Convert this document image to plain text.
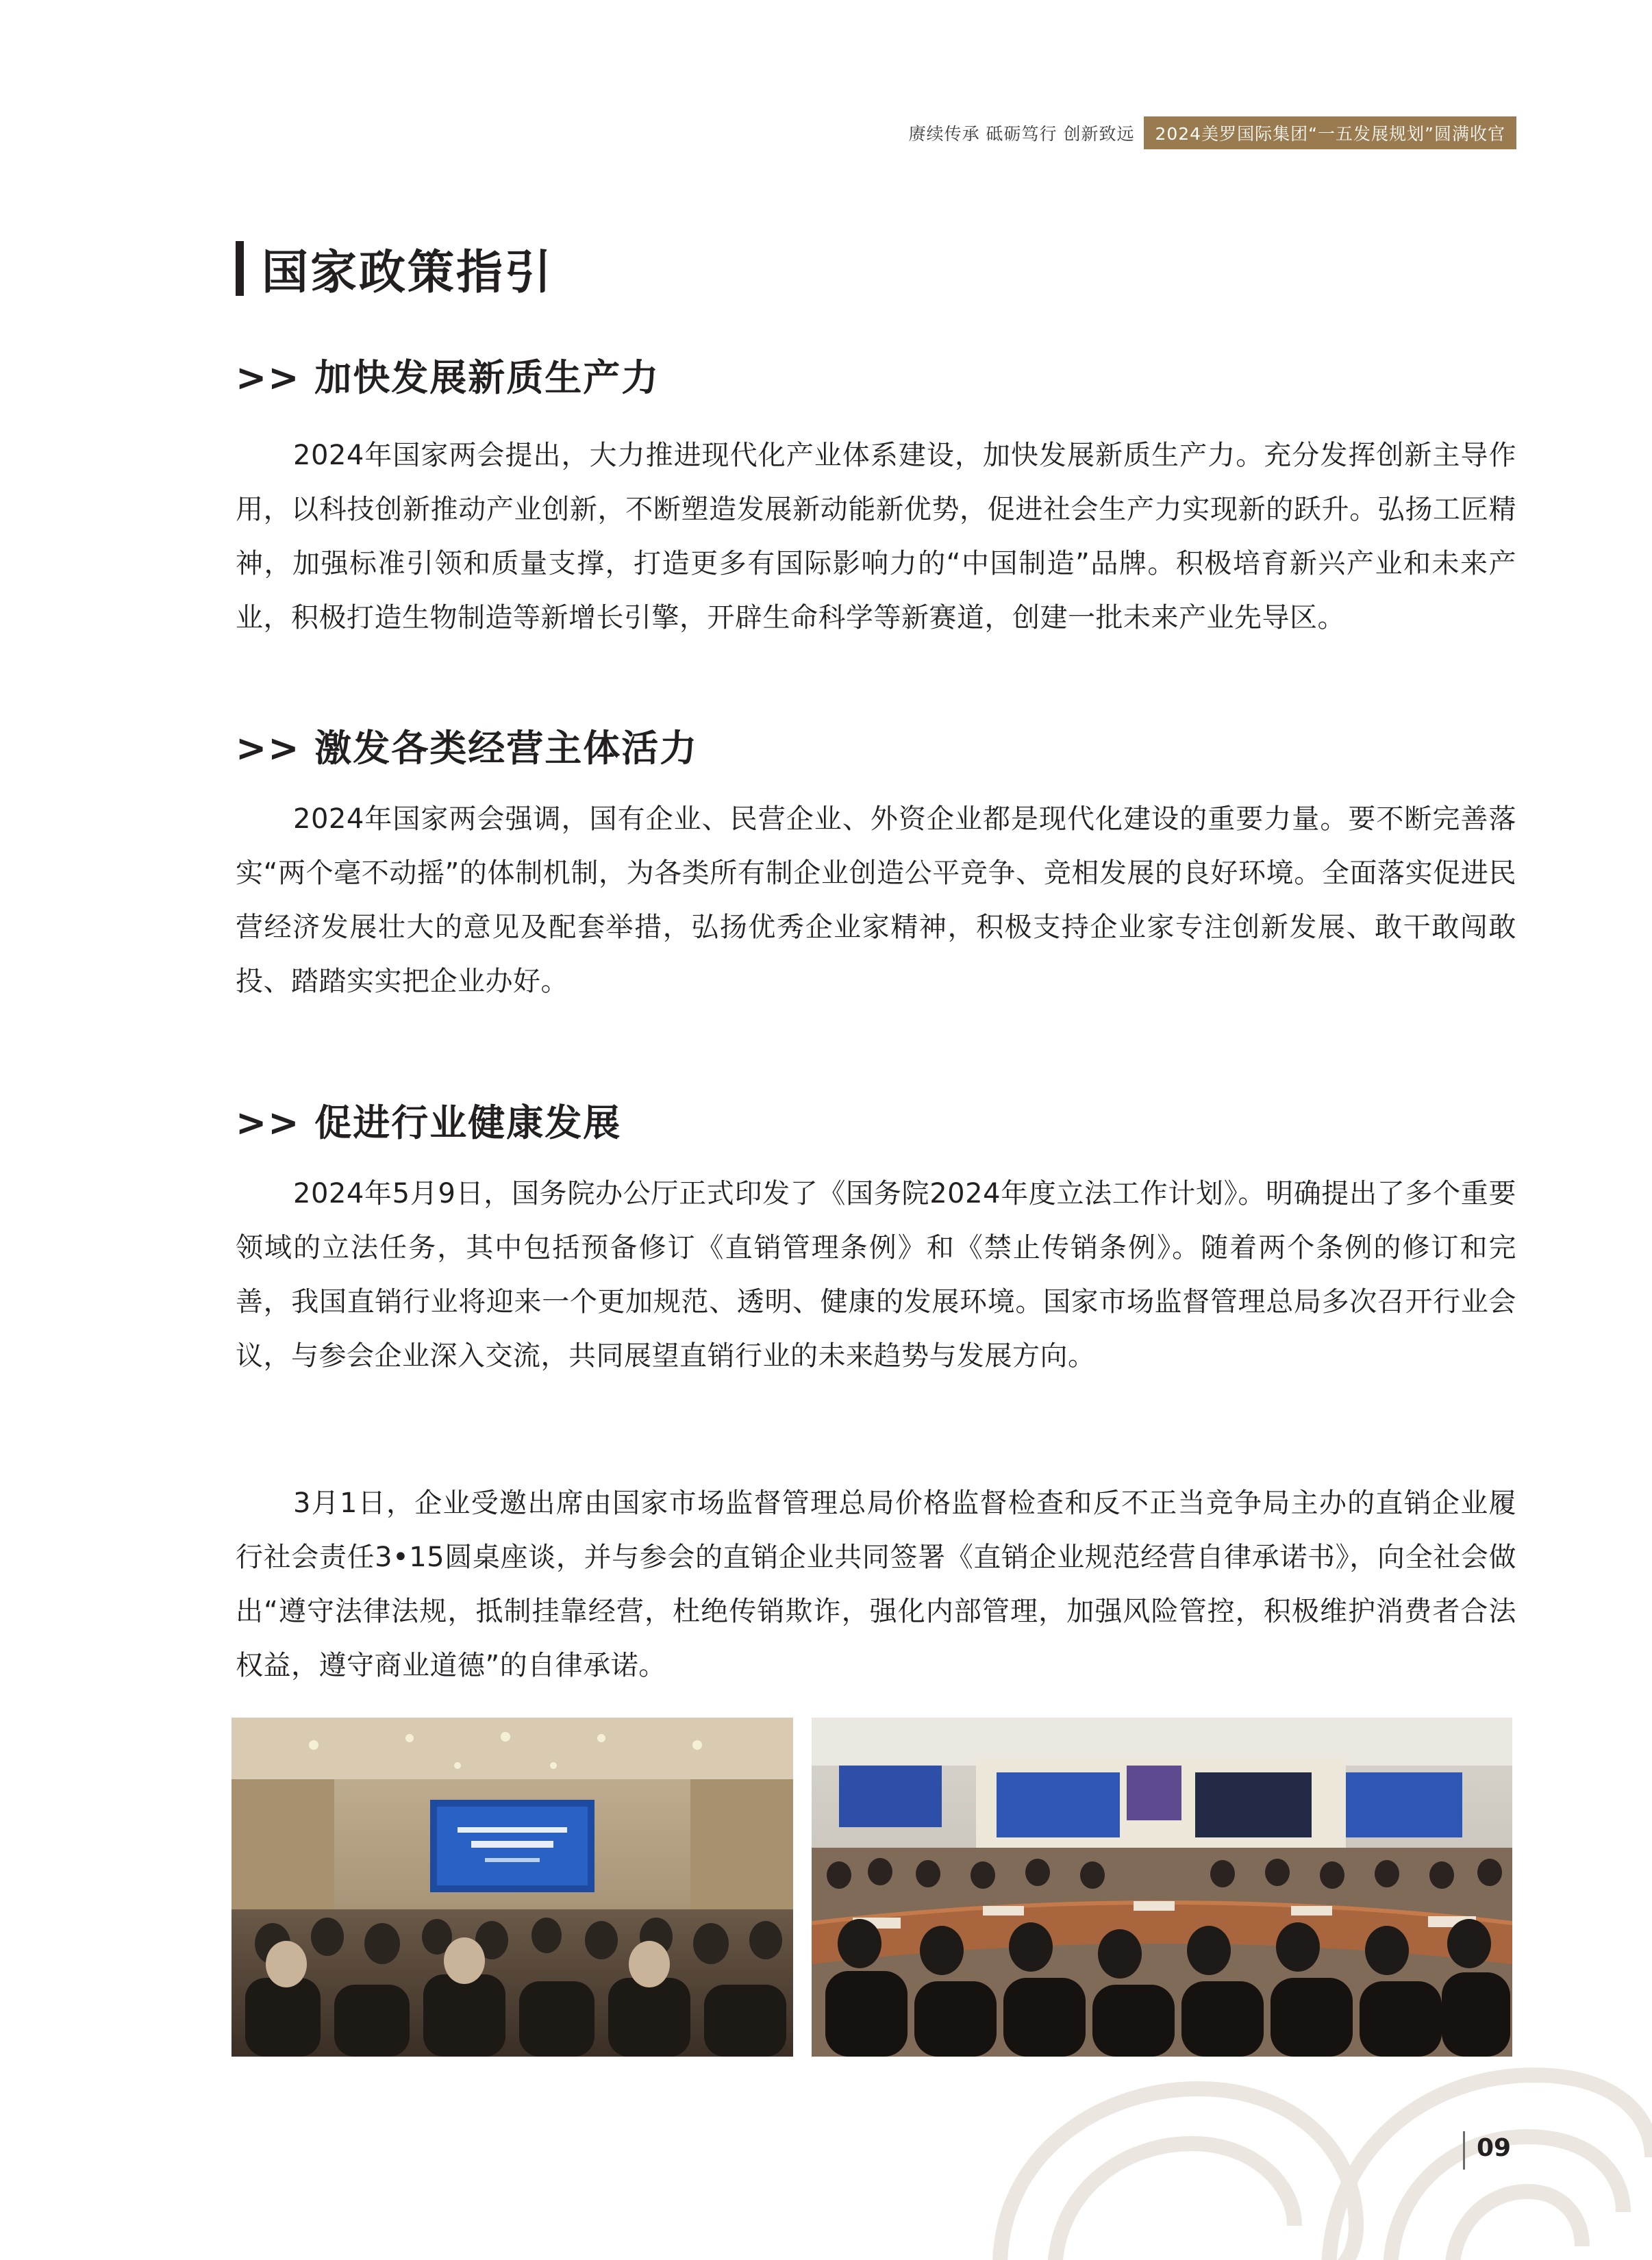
赓续传承 砥砺笃行 创新致远	2024美罗国际集团“一五发展规划”圆满收官
国家政策指引
>> 加快发展新质生产力

2024年国家两会提出，大力推进现代化产业体系建设，加快发展新质生产力。充分发挥创新主导作用，以科技创新推动产业创新，不断塑造发展新动能新优势，促进社会生产力实现新的跃升。弘扬工匠精神，加强标准引领和质量支撑，打造更多有国际影响力的“中国制造”品牌。积极培育新兴产业和未来产业，积极打造生物制造等新增长引擎，开辟生命科学等新赛道，创建一批未来产业先导区。

>> 激发各类经营主体活力

2024年国家两会强调，国有企业、民营企业、外资企业都是现代化建设的重要力量。要不断完善落实“两个毫不动摇”的体制机制，为各类所有制企业创造公平竞争、竞相发展的良好环境。全面落实促进民营经济发展壮大的意见及配套举措，弘扬优秀企业家精神，积极支持企业家专注创新发展、敢干敢闯敢投、踏踏实实把企业办好。

>> 促进行业健康发展

2024年5月9日，国务院办公厅正式印发了《国务院2024年度立法工作计划》。明确提出了多个重要领域的立法任务，其中包括预备修订《直销管理条例》和《禁止传销条例》。随着两个条例的修订和完善，我国直销行业将迎来一个更加规范、透明、健康的发展环境。国家市场监督管理总局多次召开行业会议，与参会企业深入交流，共同展望直销行业的未来趋势与发展方向。

3月1日，企业受邀出席由国家市场监督管理总局价格监督检查和反不正当竞争局主办的直销企业履行社会责任3•15圆桌座谈，并与参会的直销企业共同签署《直销企业规范经营自律承诺书》，向全社会做出“遵守法律法规，抵制挂靠经营，杜绝传销欺诈，强化内部管理，加强风险管控，积极维护消费者合法权益，遵守商业道德”的自律承诺。

09
